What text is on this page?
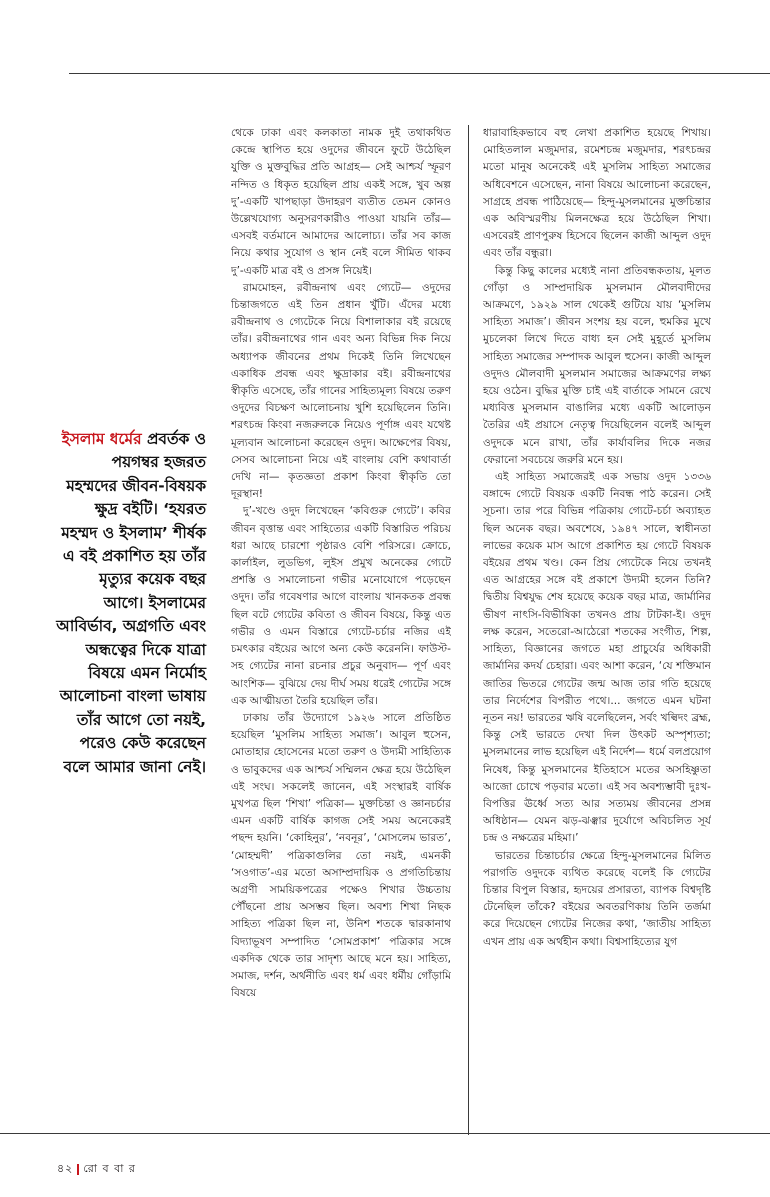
ইসলাম ধর্মের প্রবর্তক ও পয়গম্বর হজরত মহম্মদের জীবন-বিষয়ক ক্ষুদ্র বইটি। ‘হযরত মহম্মদ ও ইসলাম’ শীর্ষক এ বই প্রকাশিত হয় তাঁর মৃত্যুর কয়েক বছর আগে। ইসলামের আবির্ভাব, অগ্রগতি এবং অন্ধত্বের দিকে যাত্রা বিষয়ে এমন নির্মোহ আলোচনা বাংলা ভাষায় তাঁর আগে তো নয়ই, পরেও কেউ করেছেন বলে আমার জানা নেই।

থেকে ঢাকা এবং কলকাতা নামক দুই তথাকথিত কেন্দ্রে স্থাপিত হয়ে ওদুদের জীবনে ফুটে উঠেছিল যুক্তি ও মুক্তবুদ্ধির প্রতি আগ্রহ— সেই আশ্চর্য স্ফূরণ নন্দিত ও ধিকৃত হয়েছিল প্রায় একই সঙ্গে, খুব অল্প দু’-একটি খাপছাড়া উদাহরণ ব্যতীত তেমন কোনও উল্লেখযোগ্য অনুসরণকারীও পাওয়া যায়নি তাঁর— এসবই বর্তমানে আমাদের আলোচ্য। তাঁর সব কাজ নিয়ে কথার সুযোগ ও স্থান নেই বলে সীমিত থাকব দু’-একটি মাত্র বই ও প্রসঙ্গ নিয়েই।

রামমোহন, রবীন্দ্রনাথ এবং গ্যেটে— ওদুদের চিন্তাজগতে এই তিন প্রধান খুঁটি। এঁদের মধ্যে রবীন্দ্রনাথ ও গ্যেটেকে নিয়ে বিশালাকার বই রয়েছে তাঁর। রবীন্দ্রনাথের গান এবং অন্য বিভিন্ন দিক নিয়ে অধ্যাপক জীবনের প্রথম দিকেই তিনি লিখেছেন একাধিক প্রবন্ধ এবং ক্ষুদ্রাকার বই। রবীন্দ্রনাথের স্বীকৃতি এসেছে, তাঁর গানের সাহিত্যমূল্য বিষয়ে তরুণ ওদুদের বিচক্ষণ আলোচনায় খুশি হয়েছিলেন তিনি। শরৎচন্দ্র কিংবা নজরুলকে নিয়েও পূর্ণাঙ্গ এবং যথেষ্ট মূল্যবান আলোচনা করেছেন ওদুদ। আক্ষেপের বিষয়, সেসব আলোচনা নিয়ে এই বাংলায় বেশি কথাবার্তা দেখি না— কৃতজ্ঞতা প্রকাশ কিংবা স্বীকৃতি তো দূরস্থান!

দু’-খণ্ডে ওদুদ লিখেছেন ‘কবিগুরু গ্যেটে’। কবির জীবন বৃত্তান্ত এবং সাহিত্যের একটি বিস্তারিত পরিচয় ধরা আছে চারশো পৃষ্ঠারও বেশি পরিসরে। ক্রোচে, কার্লাইল, লুডভিগ, লুইস প্রমুখ অনেকের গ্যেটে প্রশস্তি ও সমালোচনা গভীর মনোযোগে পড়েছেন ওদুদ। তাঁর গবেষণার আগে বাংলায় খানকতক প্রবন্ধ ছিল বটে গ্যেটের কবিতা ও জীবন বিষয়ে, কিন্তু এত গভীর ও এমন বিস্তারে গ্যেটে-চর্চার নজির এই চমৎকার বইয়ের আগে অন্য কেউ করেননি। ফাউস্ট-সহ গ্যেটের নানা রচনার প্রচুর অনুবাদ— পূর্ণ এবং আংশিক— বুঝিয়ে দেয় দীর্ঘ সময় ধরেই গ্যেটের সঙ্গে এক আত্মীয়তা তৈরি হয়েছিল তাঁর।

ঢাকায় তাঁর উদ্যোগে ১৯২৬ সালে প্রতিষ্ঠিত হয়েছিল ‘মুসলিম সাহিত্য সমাজ’। আবুল হুসেন, মোতাহার হোসেনের মতো তরুণ ও উদ্যমী সাহিত্যিক ও ভাবুকদের এক আশ্চর্য সম্মিলন ক্ষেত্র হয়ে উঠেছিল এই সংঘ। সকলেই জানেন, এই সংস্থারই বার্ষিক মুখপত্র ছিল ‘শিখা’ পত্রিকা— মুক্তচিন্তা ও জ্ঞানচর্চার এমন একটি বার্ষিক কাগজ সেই সময় অনেকেরই পছন্দ হয়নি। ‘কোহিনুর’, ‘নবনূর’, ‘মোসলেম ভারত’, ‘মোহম্মদী’ পত্রিকাগুলির তো নয়ই, এমনকী ‘সওগাত’-এর মতো অসাম্প্রদায়িক ও প্রগতিচিন্তায় অগ্রণী সাময়িকপত্রের পক্ষেও শিখার উচ্চতায় পৌঁছনো প্রায় অসম্ভব ছিল। অবশ্য শিখা নিছক সাহিত্য পত্রিকা ছিল না, উনিশ শতকে দ্বারকানাথ বিদ্যাভূষণ সম্পাদিত ‘সোমপ্রকাশ’ পত্রিকার সঙ্গে একদিক থেকে তার সাদৃশ্য আছে মনে হয়। সাহিত্য, সমাজ, দর্শন, অর্থনীতি এবং ধর্ম এবং ধর্মীয় গোঁড়ামি বিষয়ে

ধারাবাহিকভাবে বহু লেখা প্রকাশিত হয়েছে শিখায়। মোহিতলাল মজুমদার, রমেশচন্দ্র মজুমদার, শরৎচন্দ্রর মতো মানুষ অনেকেই এই মুসলিম সাহিত্য সমাজের অধিবেশনে এসেছেন, নানা বিষয়ে আলোচনা করেছেন, সাগ্রহে প্রবন্ধ পাঠিয়েছে— হিন্দু-মুসলমানের মুক্তচিন্তার এক অবিস্মরণীয় মিলনক্ষেত্র হয়ে উঠেছিল শিখা। এসবেরই প্রাণপুরুষ হিসেবে ছিলেন কাজী আব্দুল ওদুদ এবং তাঁর বন্ধুরা।

কিন্তু কিছু কালের মধ্যেই নানা প্রতিবন্ধকতায়, মূলত গোঁড়া ও সাম্প্রদায়িক মুসলমান মৌলবাদীদের আক্রমণে, ১৯২৯ সাল থেকেই গুটিয়ে যায় ‘মুসলিম সাহিত্য সমাজ’। জীবন সংশয় হয় বলে, হুমকির মুখে মুচলেকা লিখে দিতে বাধ্য হন সেই মুহূর্তে মুসলিম সাহিত্য সমাজের সম্পাদক আবুল হুসেন। কাজী আব্দুল ওদুদও মৌলবাদী মুসলমান সমাজের আক্রমণের লক্ষ্য হয়ে ওঠেন। বুদ্ধির মুক্তি চাই এই বার্তাকে সামনে রেখে মধ্যবিত্ত মুসলমান বাঙালির মধ্যে একটি আলোড়ন তৈরির এই প্রয়াসে নেতৃত্ব দিয়েছিলেন বলেই আব্দুল ওদুদকে মনে রাখা, তাঁর কার্যাবলির দিকে নজর ফেরানো সবচেয়ে জরুরি মনে হয়।

এই সাহিত্য সমাজেরই এক সভায় ওদুদ ১৩৩৬ বঙ্গাব্দে গ্যেটে বিষয়ক একটি নিবন্ধ পাঠ করেন। সেই সূচনা। তার পরে বিভিন্ন পত্রিকায় গ্যেটে-চর্চা অব্যাহত ছিল অনেক বছর। অবশেষে, ১৯৪৭ সালে, স্বাধীনতা লাভের কয়েক মাস আগে প্রকাশিত হয় গ্যেটে বিষয়ক বইয়ের প্রথম খণ্ড। কেন প্রিয় গ্যেটেকে নিয়ে তখনই এত আগ্রহের সঙ্গে বই প্রকাশে উদ্যমী হলেন তিনি? দ্বিতীয় বিশ্বযুদ্ধ শেষ হয়েছে কয়েক বছর মাত্র, জার্মানির ভীষণ নাৎসি-বিভীষিকা তখনও প্রায় টাটকা-ই। ওদুদ লক্ষ করেন, সতেরো-আঠেরো শতকের সংগীত, শিল্প, সাহিত্য, বিজ্ঞানের জগতে মহা প্রাচুর্যের অধিকারী জার্মানির কদর্য চেহারা। এবং আশা করেন, ‘যে শক্তিমান জাতির ভিতরে গ্যেটের জন্ম আজ তার গতি হয়েছে তার নির্দেশের বিপরীত পথে।... জগতে এমন ঘটনা নূতন নয়! ভারতের ঋষি বলেছিলেন, সর্বং খল্বিদং ব্রহ্ম, কিন্তু সেই ভারতে দেখা দিল উৎকট অস্পৃশ্যতা; মুসলমানের লাভ হয়েছিল এই নির্দেশ— ধর্মে বলপ্রয়োগ নিষেধ, কিন্তু মুসলমানের ইতিহাসে মতের অসহিষ্ণুতা আজো চোখে পড়বার মতো। এই সব অবশ্যম্ভাবী দুঃখ-বিপত্তির ঊর্ধ্বে সত্য আর সত্যময় জীবনের প্রসন্ন অধিষ্ঠান— যেমন ঝড়-ঝঞ্ঝার দুর্যোগে অবিচলিত সূর্য চন্দ্র ও নক্ষত্রের মহিমা।’

ভারতের চিন্তাচর্চার ক্ষেত্রে হিন্দু-মুসলমানের মিলিত পরাগতি ওদুদকে ব্যথিত করেছে বলেই কি গ্যেটের চিন্তার বিপুল বিস্তার, হৃদয়ের প্রসারতা, ব্যাপক বিশ্বদৃষ্টি টেনেছিল তাঁকে? বইয়ের অবতরণিকায় তিনি তর্জমা করে দিয়েছেন গ্যেটের নিজের কথা, ‘জাতীয় সাহিত্য এখন প্রায় এক অর্থহীন কথা। বিশ্বসাহিত্যের যুগ

৪২ রো ব বা র
